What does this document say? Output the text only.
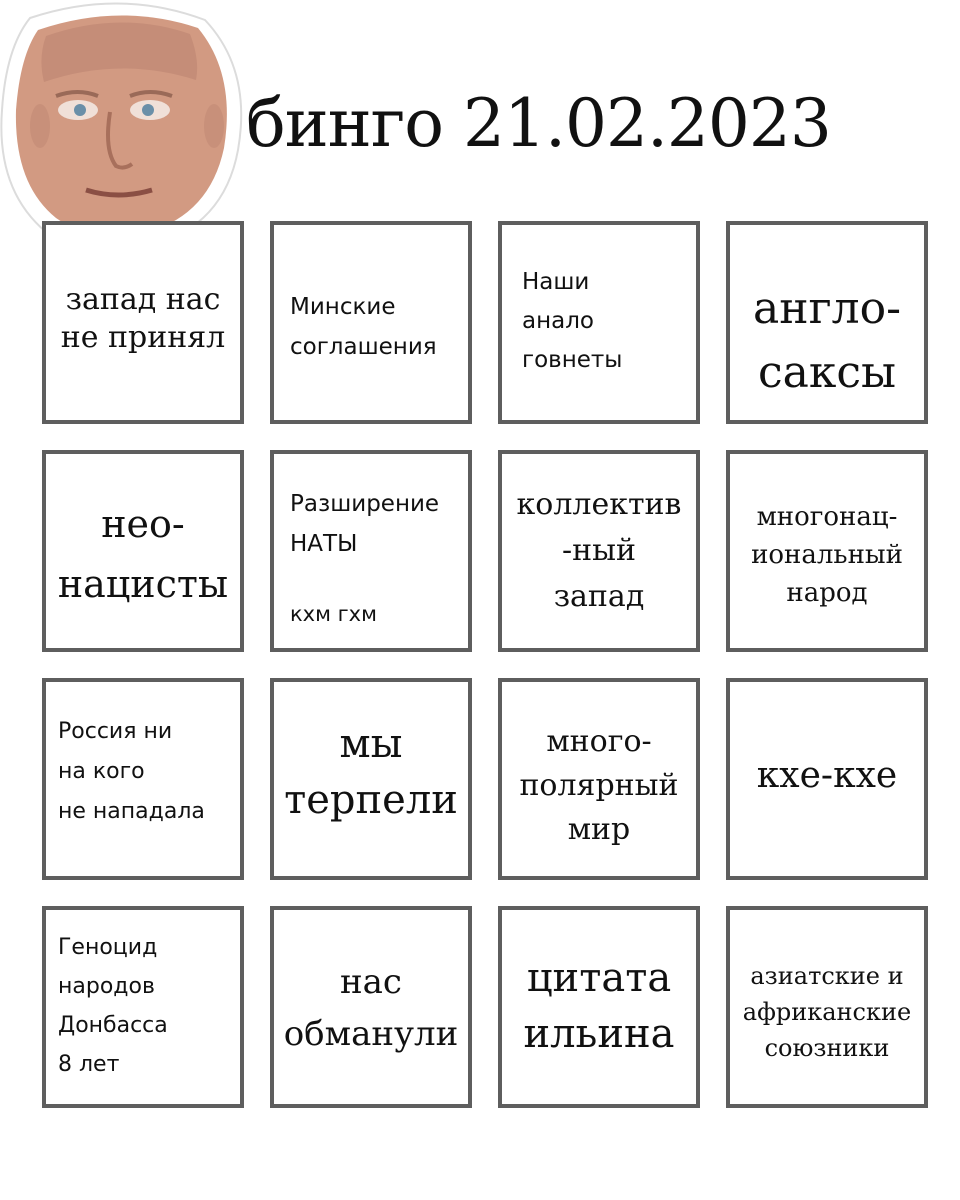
бинго 21.02.2023
запад нас
не принял
Минские
соглашения
Наши
анало
говнеты
англо-
саксы
нео-
нацисты
Разширение
НАТЫ
кхм гхм
коллектив
-ный
запад
многонац-
иональный
народ
Россия ни
на кого
не нападала
мы
терпели
много-
полярный
мир
кхе-кхе
Геноцид
народов
Донбасса
8 лет
нас
обманули
цитата
ильина
азиатские и
африканские
союзники
